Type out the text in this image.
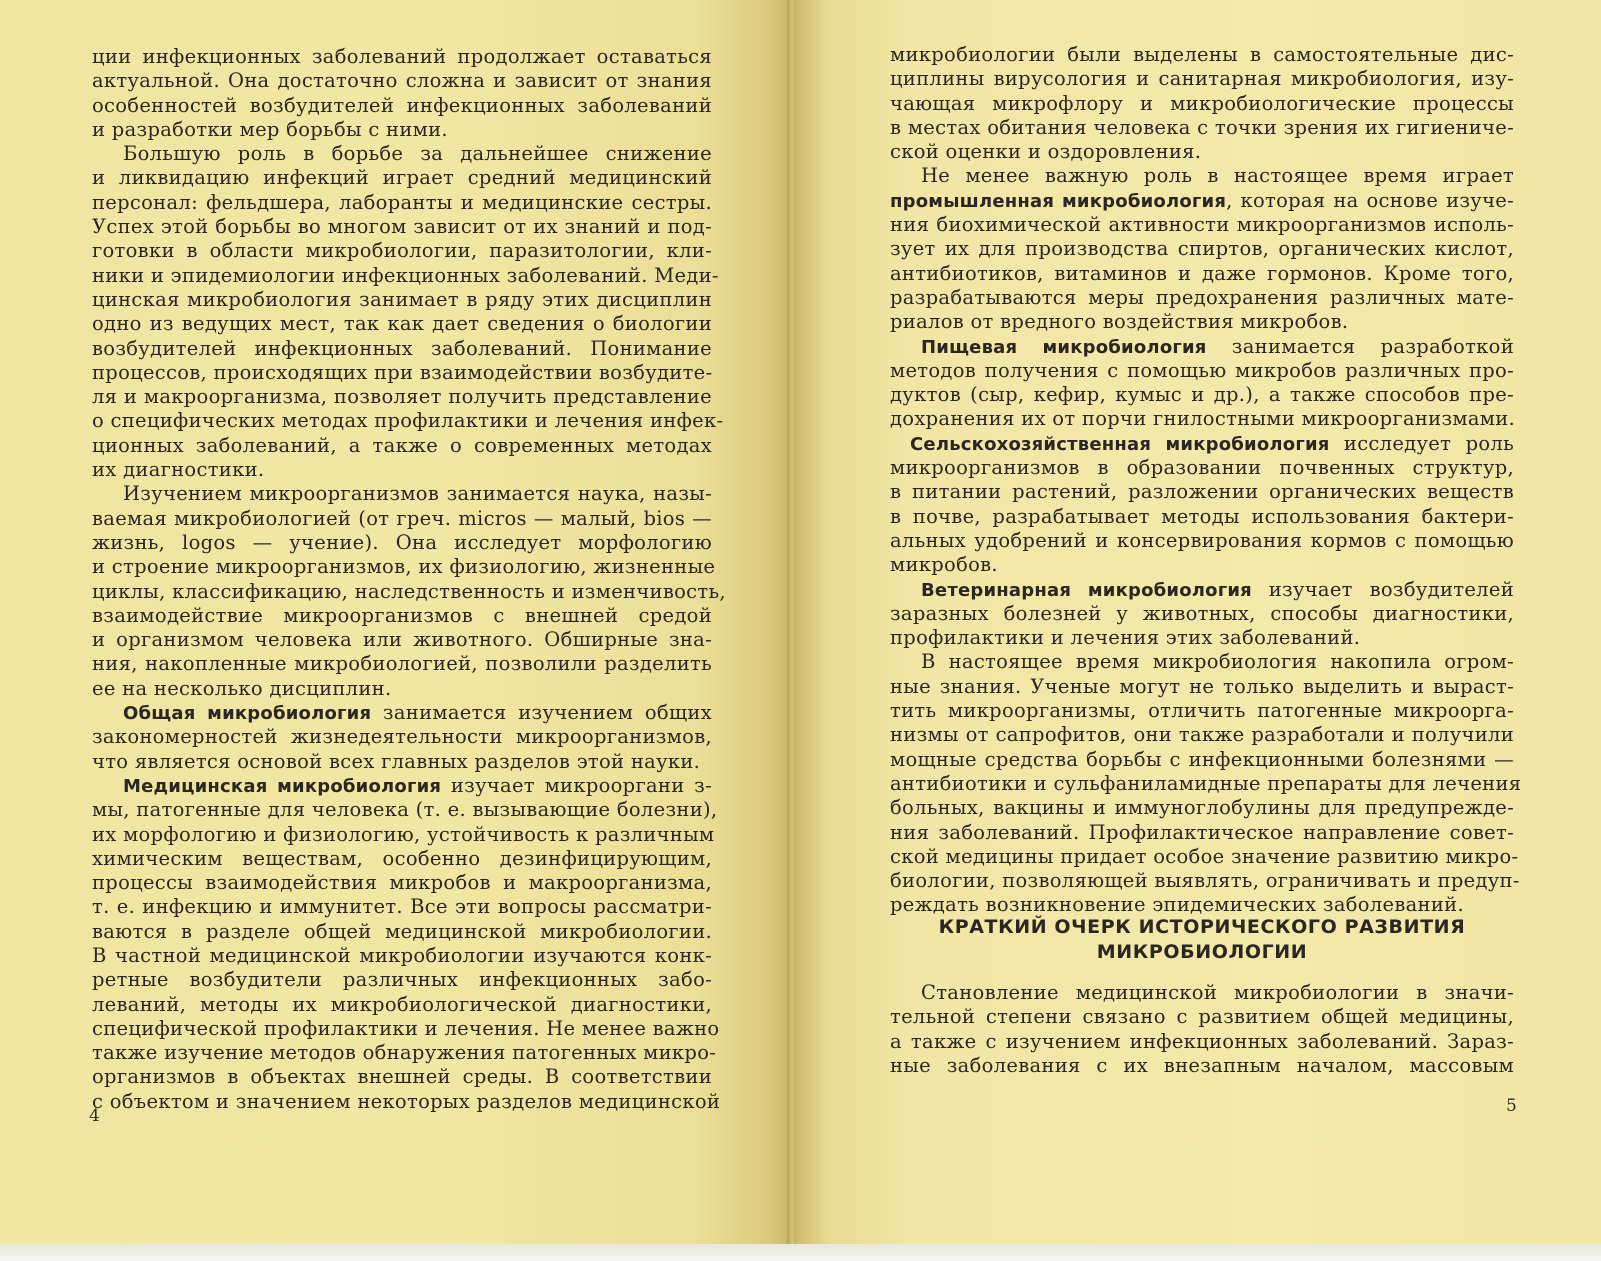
ции инфекционных заболеваний продолжает оставаться
актуальной. Она достаточно сложна и зависит от знания
особенностей возбудителей инфекционных заболеваний
и разработки мер борьбы с ними.
Большую роль в борьбе за дальнейшее снижение
и ликвидацию инфекций играет средний медицинский
персонал: фельдшера, лаборанты и медицинские сестры.
Успех этой борьбы во многом зависит от их знаний и под-
готовки в области микробиологии, паразитологии, кли-
ники и эпидемиологии инфекционных заболеваний. Меди-
цинская микробиология занимает в ряду этих дисциплин
одно из ведущих мест, так как дает сведения о биологии
возбудителей инфекционных заболеваний. Понимание
процессов, происходящих при взаимодействии возбудите-
ля и макроорганизма, позволяет получить представление
о специфических методах профилактики и лечения инфек-
ционных заболеваний, а также о современных методах
их диагностики.
Изучением микроорганизмов занимается наука, назы-
ваемая микробиологией (от греч. micros — малый, bios —
жизнь, logos — учение). Она исследует морфологию
и строение микроорганизмов, их физиологию, жизненные
циклы, классификацию, наследственность и изменчивость,
взаимодействие микроорганизмов с внешней средой
и организмом человека или животного. Обширные зна-
ния, накопленные микробиологией, позволили разделить
ее на несколько дисциплин.
Общая микробиология занимается изучением общих
закономерностей жизнедеятельности микроорганизмов,
что является основой всех главных разделов этой науки.
Медицинская микробиология изучает микрооргани з-
мы, патогенные для человека (т. е. вызывающие болезни),
их морфологию и физиологию, устойчивость к различным
химическим веществам, особенно дезинфицирующим,
процессы взаимодействия микробов и макроорганизма,
т. е. инфекцию и иммунитет. Все эти вопросы рассматри-
ваются в разделе общей медицинской микробиологии.
В частной медицинской микробиологии изучаются конк-
ретные возбудители различных инфекционных забо-
леваний, методы их микробиологической диагностики,
специфической профилактики и лечения. Не менее важно
также изучение методов обнаружения патогенных микро-
организмов в объектах внешней среды. В соответствии
с объектом и значением некоторых разделов медицинской
4	5
микробиологии были выделены в самостоятельные дис-
циплины вирусология и санитарная микробиология, изу-
чающая микрофлору и микробиологические процессы
в местах обитания человека с точки зрения их гигиениче-
ской оценки и оздоровления.
Не менее важную роль в настоящее время играет
промышленная микробиология, которая на основе изуче-
ния биохимической активности микроорганизмов исполь-
зует их для производства спиртов, органических кислот,
антибиотиков, витаминов и даже гормонов. Кроме того,
разрабатываются меры предохранения различных мате-
риалов от вредного воздействия микробов.
Пищевая микробиология занимается разработкой
методов получения с помощью микробов различных про-
дуктов (сыр, кефир, кумыс и др.), а также способов пре-
дохранения их от порчи гнилостными микроорганизмами.
Сельскохозяйственная микробиология исследует роль
микроорганизмов в образовании почвенных структур,
в питании растений, разложении органических веществ
в почве, разрабатывает методы использования бактери-
альных удобрений и консервирования кормов с помощью
микробов.
Ветеринарная микробиология изучает возбудителей
заразных болезней у животных, способы диагностики,
профилактики и лечения этих заболеваний.
В настоящее время микробиология накопила огром-
ные знания. Ученые могут не только выделить и выраст-
тить микроорганизмы, отличить патогенные микроорга-
низмы от сапрофитов, они также разработали и получили
мощные средства борьбы с инфекционными болезнями —
антибиотики и сульфаниламидные препараты для лечения
больных, вакцины и иммуноглобулины для предупрежде-
ния заболеваний. Профилактическое направление совет-
ской медицины придает особое значение развитию микро-
биологии, позволяющей выявлять, ограничивать и предуп-
реждать возникновение эпидемических заболеваний.
КРАТКИЙ ОЧЕРК ИСТОРИЧЕСКОГО РАЗВИТИЯ
МИКРОБИОЛОГИИ
Становление медицинской микробиологии в значи-
тельной степени связано с развитием общей медицины,
а также с изучением инфекционных заболеваний. Зараз-
ные заболевания с их внезапным началом, массовым
